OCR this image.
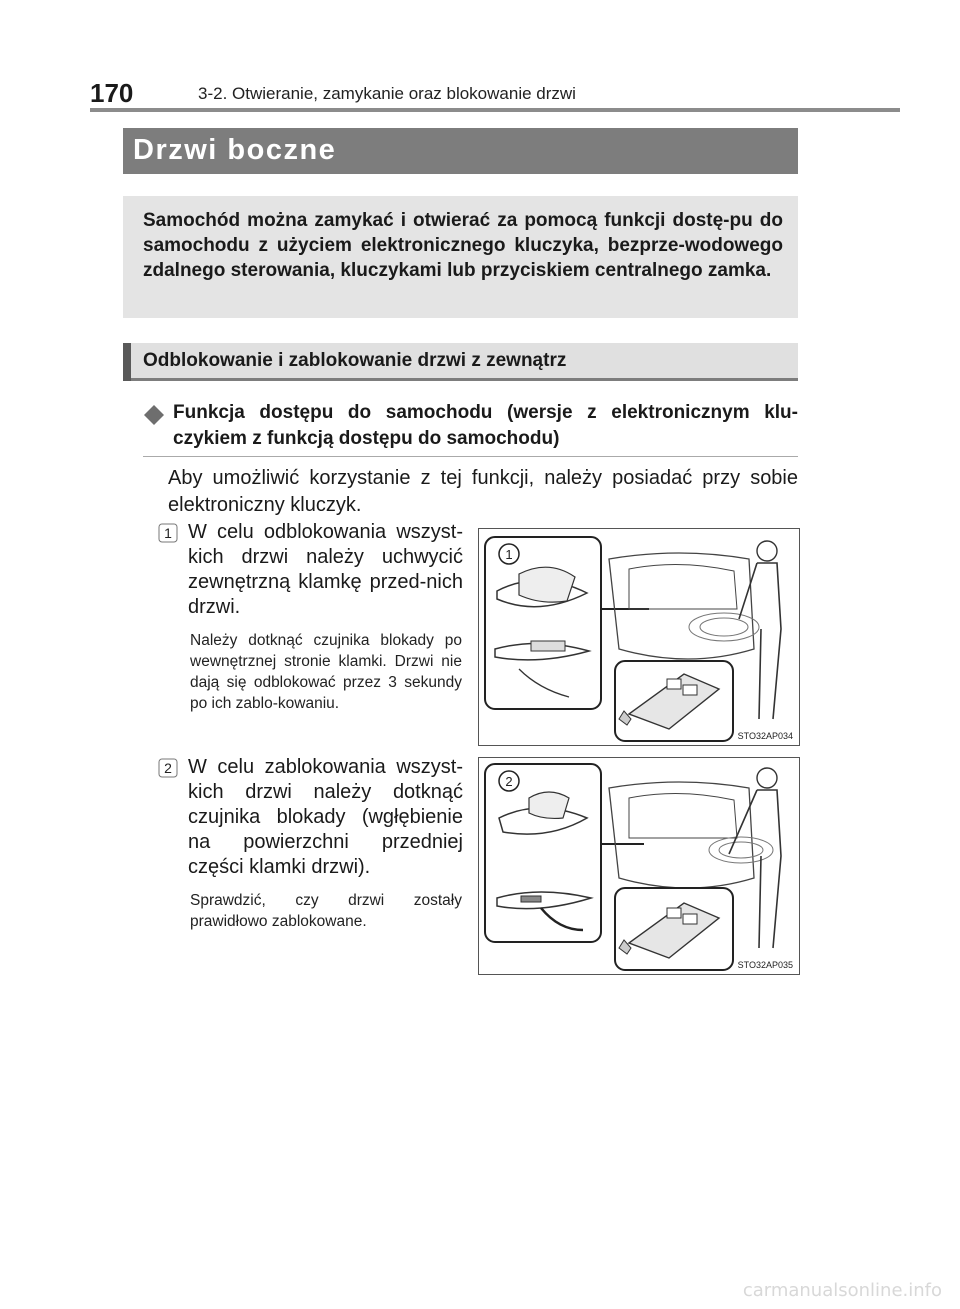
170	3-2. Otwieranie, zamykanie oraz blokowanie drzwi
Drzwi boczne
Samochód można zamykać i otwierać za pomocą funkcji dostę-pu do samochodu z użyciem elektronicznego kluczyka, bezprze-wodowego zdalnego sterowania, kluczykami lub przyciskiem centralnego zamka.
Odblokowanie i zablokowanie drzwi z zewnątrz
Funkcja dostępu do samochodu (wersje z elektronicznym klu-czykiem z funkcją dostępu do samochodu)
Aby umożliwić korzystanie z tej funkcji, należy posiadać przy sobie elektroniczny kluczyk.
1 W celu odblokowania wszyst-kich drzwi należy uchwycić zewnętrzną klamkę przed-nich drzwi.
Należy dotknąć czujnika blokady po wewnętrznej stronie klamki. Drzwi nie dają się odblokować przez 3 sekundy po ich zablo-kowaniu.
1
STO32AP034
2 W celu zablokowania wszyst-kich drzwi należy dotknąć czujnika blokady (wgłębienie na powierzchni przedniej części klamki drzwi).
Sprawdzić, czy drzwi zostały prawidłowo zablokowane.
2
STO32AP035
carmanualsonline.info
